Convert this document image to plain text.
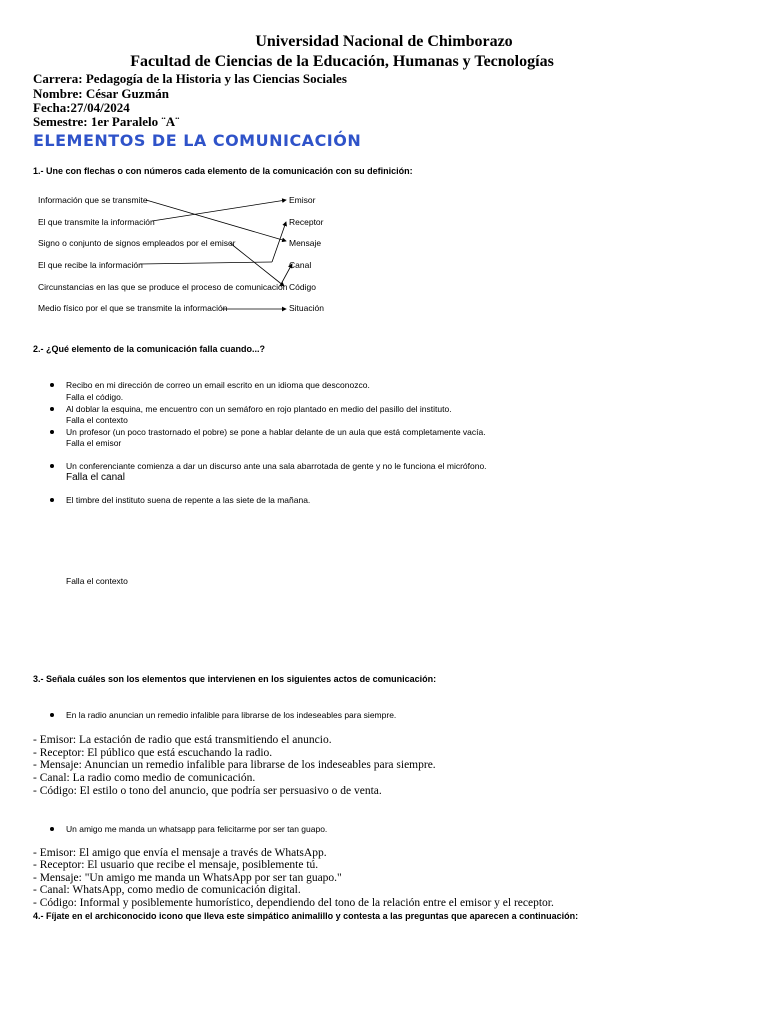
Universidad Nacional de Chimborazo
Facultad de Ciencias de la Educación, Humanas y Tecnologías
Carrera: Pedagogía de la Historia y las Ciencias Sociales
Nombre: César Guzmán
Fecha:27/04/2024
Semestre: 1er Paralelo ¨A¨
ELEMENTOS DE LA COMUNICACIÓN
1.- Une con flechas o con números cada elemento de la comunicación con su definición:
Información que se transmite
El que transmite la información
Signo o conjunto de signos empleados por el emisor
El que recibe la información
Circunstancias en las que se produce el proceso de comunicación
Medio físico por el que se transmite la información
Emisor
Receptor
Mensaje
Canal
Código
Situación
2.- ¿Qué elemento de la comunicación falla cuando...?
Recibo en mi dirección de correo un email escrito en un idioma que desconozco.
Falla el código.
Al doblar la esquina, me encuentro con un semáforo en rojo plantado en medio del pasillo del instituto.
Falla el contexto
Un profesor (un poco trastornado el pobre) se pone a hablar delante de un aula que está completamente vacía.
Falla el emisor
Un conferenciante comienza a dar un discurso ante una sala abarrotada de gente y no le funciona el micrófono.
Falla el canal
El timbre del instituto suena de repente a las siete de la mañana.
Falla el contexto
3.- Señala cuáles son los elementos que intervienen en los siguientes actos de comunicación:
En la radio anuncian un remedio infalible para librarse de los indeseables para siempre.
- Emisor: La estación de radio que está transmitiendo el anuncio.
- Receptor: El público que está escuchando la radio.
- Mensaje: Anuncian un remedio infalible para librarse de los indeseables para siempre.
- Canal: La radio como medio de comunicación.
- Código: El estilo o tono del anuncio, que podría ser persuasivo o de venta.
Un amigo me manda un whatsapp para felicitarme por ser tan guapo.
- Emisor: El amigo que envía el mensaje a través de WhatsApp.
- Receptor: El usuario que recibe el mensaje, posiblemente tú.
- Mensaje: "Un amigo me manda un WhatsApp por ser tan guapo."
- Canal: WhatsApp, como medio de comunicación digital.
- Código: Informal y posiblemente humorístico, dependiendo del tono de la relación entre el emisor y el receptor.
4.- Fíjate en el archiconocido icono que lleva este simpático animalillo y contesta a las preguntas que aparecen a continuación:
